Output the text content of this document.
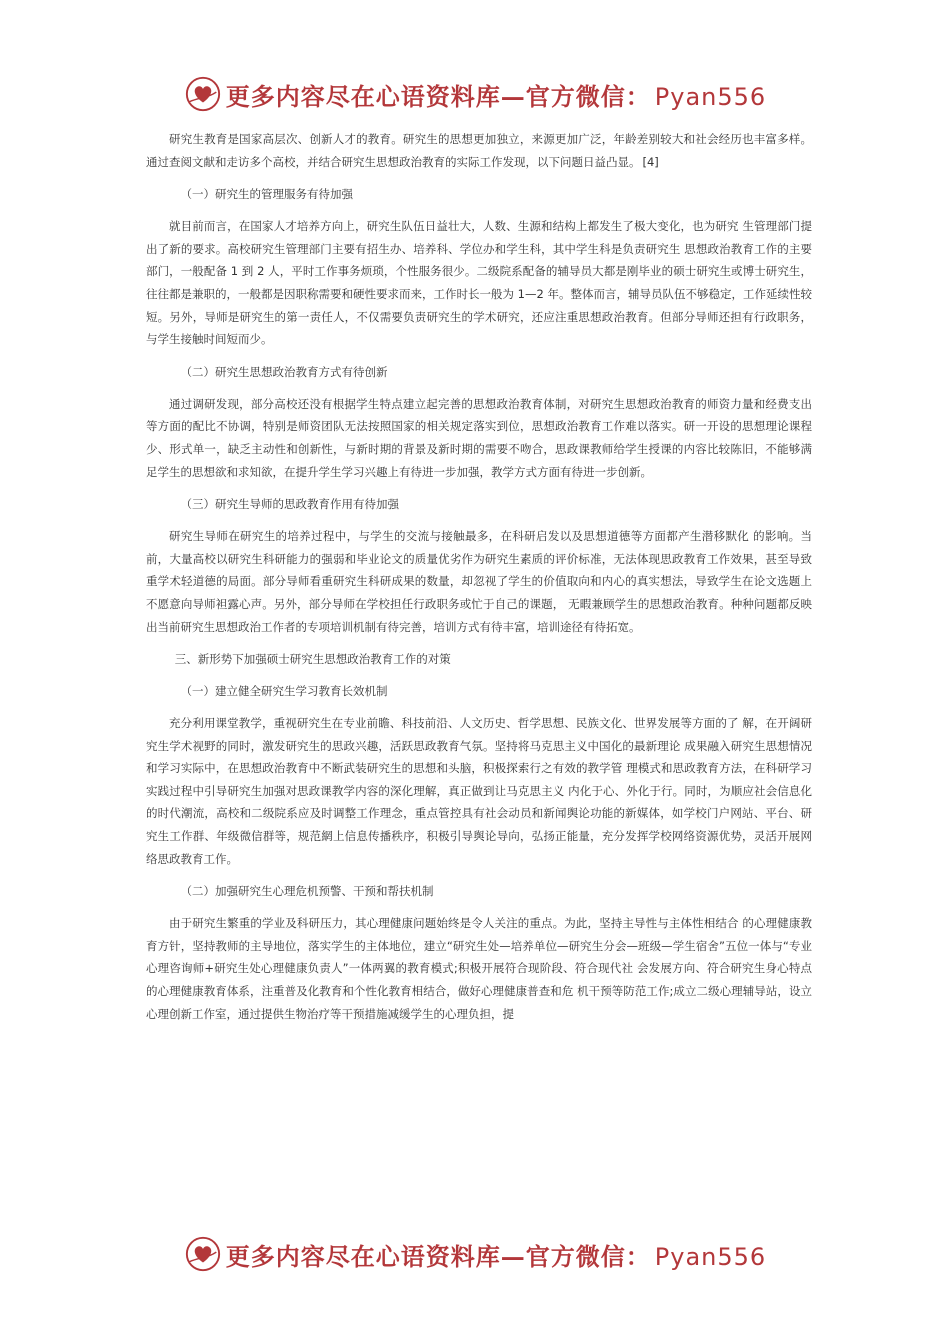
更多内容尽在心语资料库—官方微信： Pyan556

研究生教育是国家高层次、创新人才的教育。研究生的思想更加独立，来源更加广泛，年龄差别较大和社会经历也丰富多样。通过查阅文献和走访多个高校，并结合研究生思想政治教育的实际工作发现，以下问题日益凸显。 [4]

（一）研究生的管理服务有待加强

就目前而言，在国家人才培养方向上，研究生队伍日益壮大，人数、生源和结构上都发生了极大变化，也为研究 生管理部门提出了新的要求。高校研究生管理部门主要有招生办、培养科、学位办和学生科，其中学生科是负责研究生 思想政治教育工作的主要部门，一般配备 1 到 2 人，平时工作事务烦琐，个性服务很少。二级院系配备的辅导员大都是刚毕业的硕士研究生或博士研究生，往往都是兼职的，一般都是因职称需要和硬性要求而来，工作时长一般为 1—2 年。整体而言，辅导员队伍不够稳定，工作延续性较短。另外，导师是研究生的第一责任人，不仅需要负责研究生的学术研究，还应注重思想政治教育。但部分导师还担有行政职务，与学生接触时间短而少。

（二）研究生思想政治教育方式有待创新

通过调研发现，部分高校还没有根据学生特点建立起完善的思想政治教育体制，对研究生思想政治教育的师资力量和经费支出等方面的配比不协调，特别是师资团队无法按照国家的相关规定落实到位，思想政治教育工作难以落实。研一开设的思想理论课程少、形式单一，缺乏主动性和创新性，与新时期的背景及新时期的需要不吻合，思政课教师给学生授课的内容比较陈旧，不能够满足学生的思想欲和求知欲，在提升学生学习兴趣上有待进一步加强，教学方式方面有待进一步创新。

（三）研究生导师的思政教育作用有待加强

研究生导师在研究生的培养过程中，与学生的交流与接触最多，在科研启发以及思想道德等方面都产生潜移默化 的影响。当前，大量高校以研究生科研能力的强弱和毕业论文的质量优劣作为研究生素质的评价标准，无法体现思政教育工作效果，甚至导致重学术轻道德的局面。部分导师看重研究生科研成果的数量，却忽视了学生的价值取向和内心的真实想法，导致学生在论文选题上不愿意向导师袒露心声。另外，部分导师在学校担任行政职务或忙于自己的课题， 无暇兼顾学生的思想政治教育。种种问题都反映出当前研究生思想政治工作者的专项培训机制有待完善，培训方式有待丰富，培训途径有待拓宽。

三、新形势下加强硕士研究生思想政治教育工作的对策

（一）建立健全研究生学习教育长效机制

充分利用课堂教学，重视研究生在专业前瞻、科技前沿、人文历史、哲学思想、民族文化、世界发展等方面的了 解，在开阔研究生学术视野的同时，激发研究生的思政兴趣，活跃思政教育气氛。坚持将马克思主义中国化的最新理论 成果融入研究生思想情况和学习实际中，在思想政治教育中不断武装研究生的思想和头脑，积极探索行之有效的教学管 理模式和思政教育方法，在科研学习实践过程中引导研究生加强对思政课教学内容的深化理解，真正做到让马克思主义 内化于心、外化于行。同时，为顺应社会信息化的时代潮流，高校和二级院系应及时调整工作理念，重点管控具有社会动员和新闻舆论功能的新媒体，如学校门户网站、平台、研究生工作群、年级微信群等，规范網上信息传播秩序，积极引导舆论导向，弘扬正能量，充分发挥学校网络资源优势，灵活开展网络思政教育工作。

（二）加强研究生心理危机预警、干预和帮扶机制

由于研究生繁重的学业及科研压力，其心理健康问题始终是令人关注的重点。为此，坚持主导性与主体性相结合 的心理健康教育方针，坚持教师的主导地位，落实学生的主体地位，建立“研究生处—培养单位—研究生分会—班级—学生宿舍”五位一体与“专业心理咨询师+研究生处心理健康负责人”一体两翼的教育模式;积极开展符合现阶段、符合现代社 会发展方向、符合研究生身心特点的心理健康教育体系，注重普及化教育和个性化教育相结合，做好心理健康普查和危 机干预等防范工作;成立二级心理辅导站，设立心理创新工作室，通过提供生物治疗等干预措施减缓学生的心理负担，提

更多内容尽在心语资料库—官方微信： Pyan556
